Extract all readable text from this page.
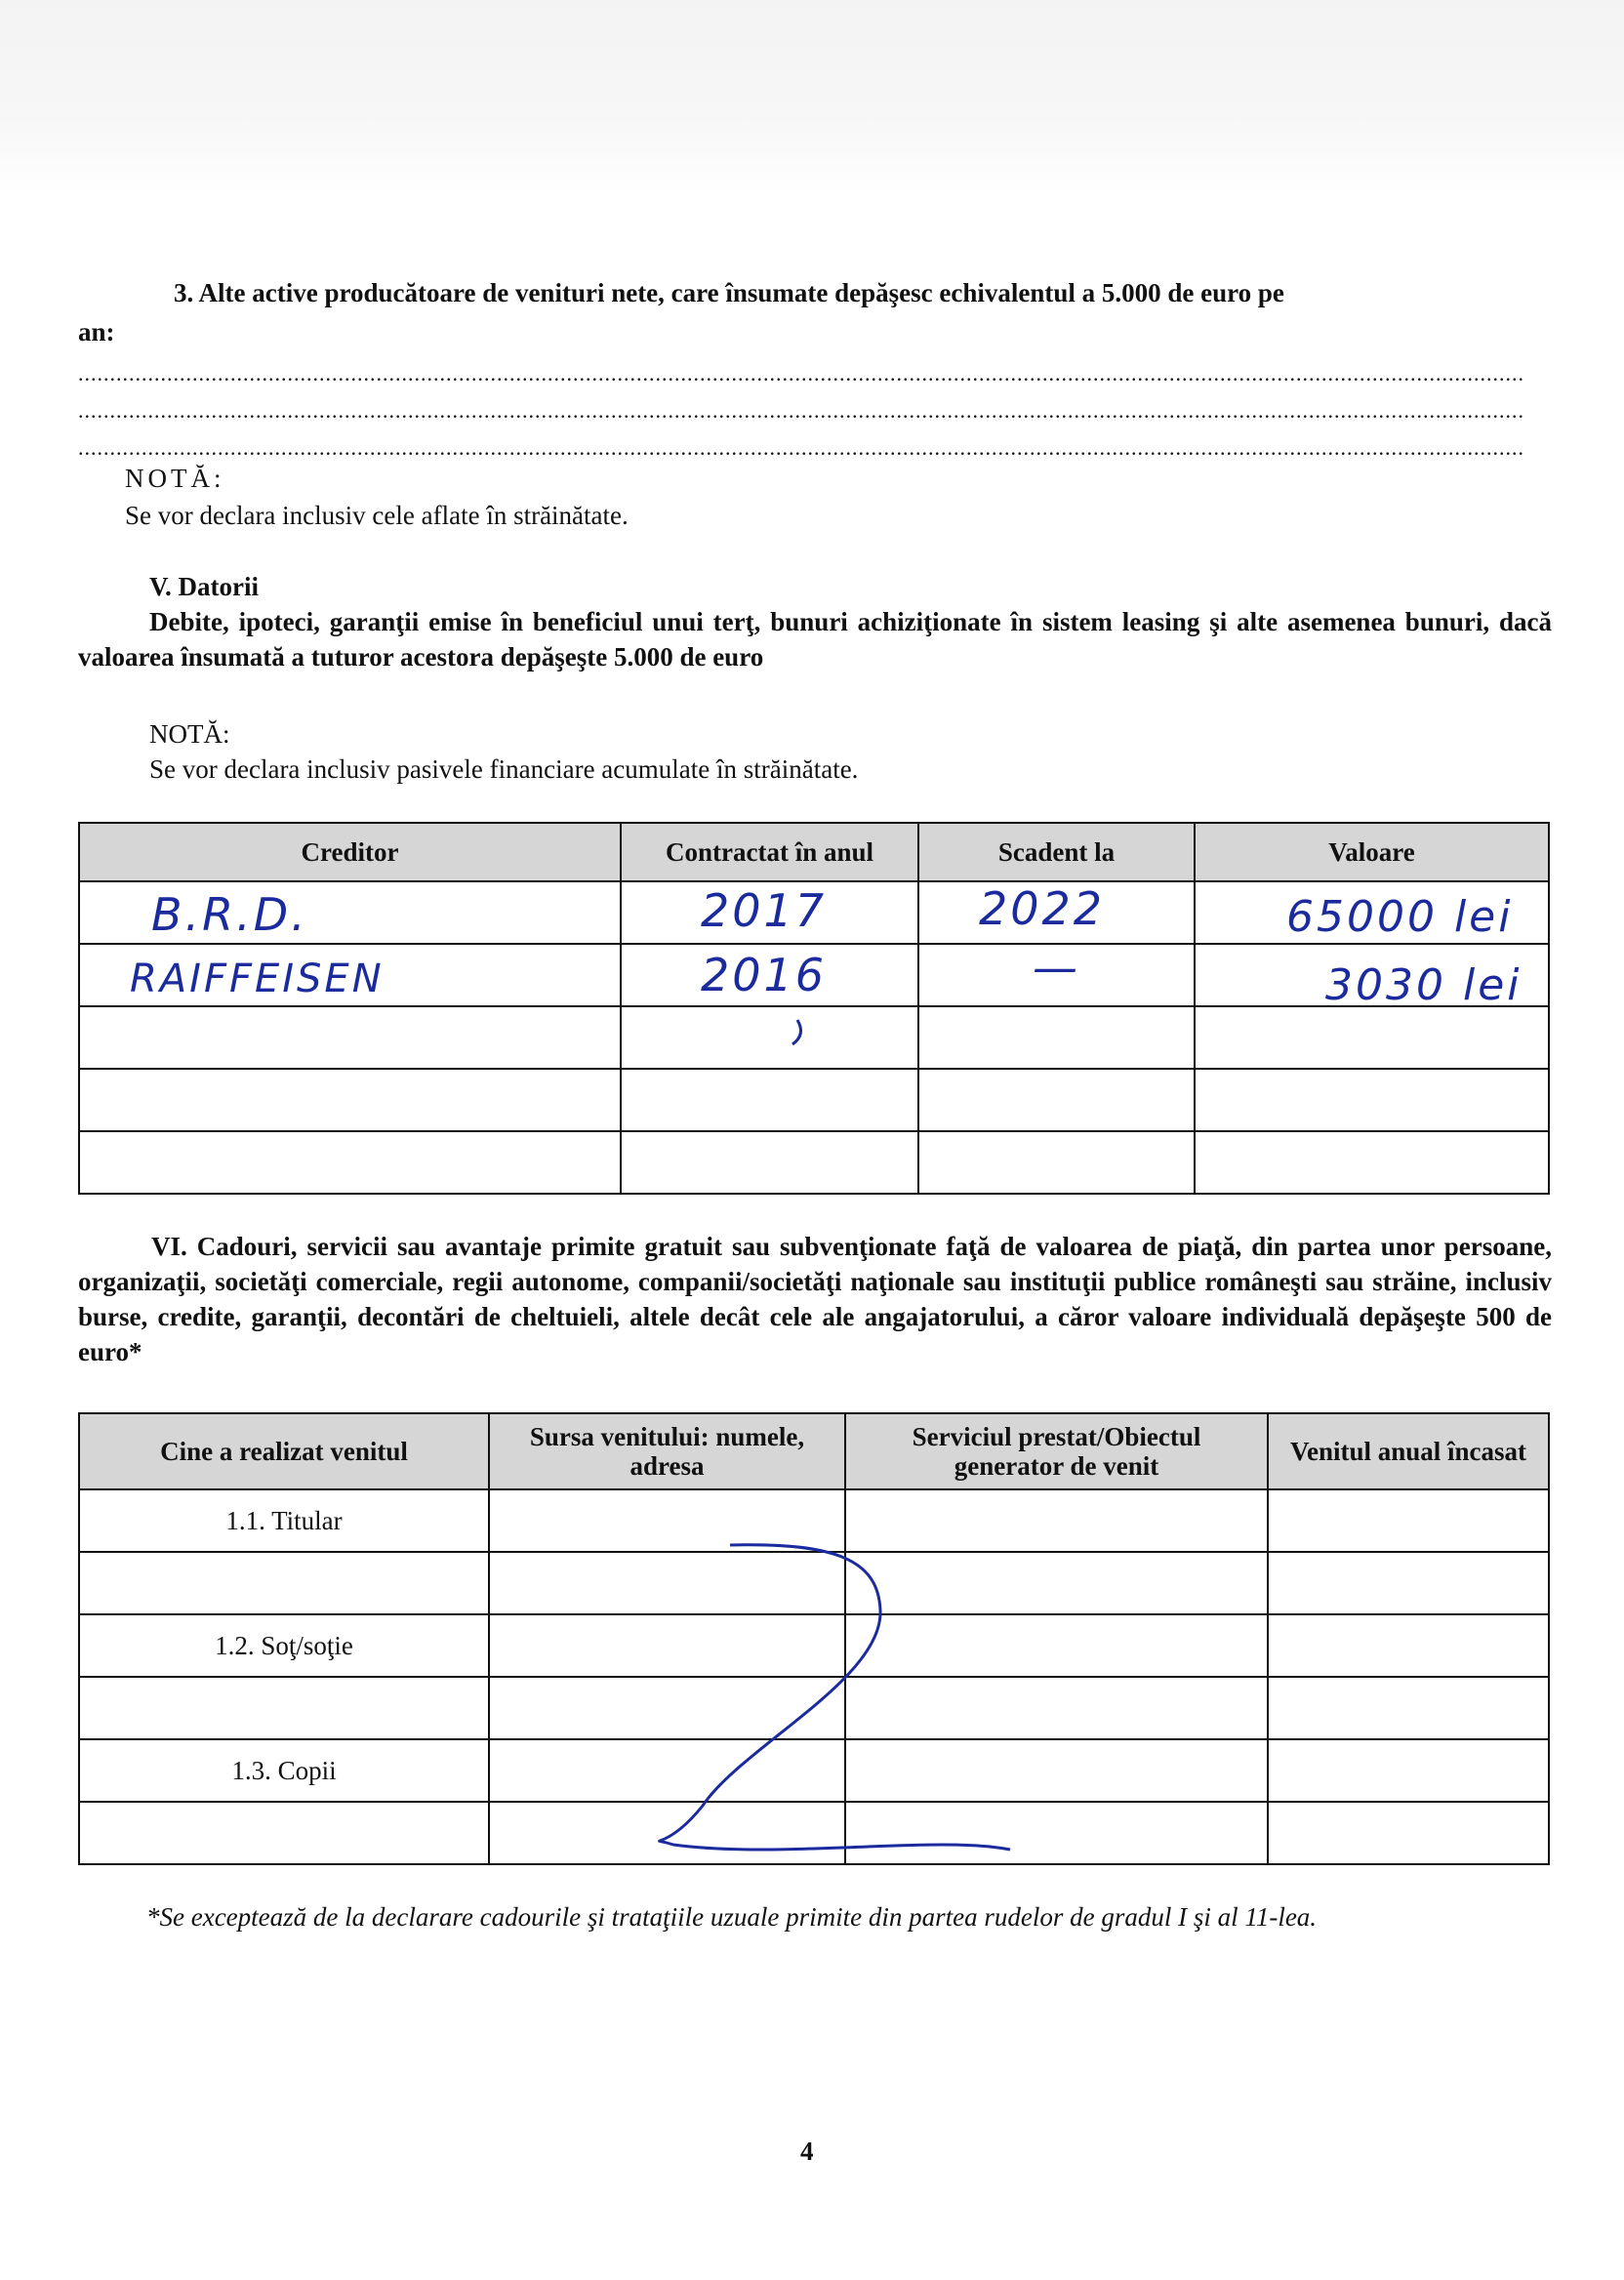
3. Alte active producătoare de venituri nete, care însumate depăşesc echivalentul a 5.000 de euro pe
an:
....................................................................................................................................................................................................................................
....................................................................................................................................................................................................................................
....................................................................................................................................................................................................................................
NOTĂ:
Se vor declara inclusiv cele aflate în străinătate.
V. Datorii
Debite, ipoteci, garanţii emise în beneficiul unui terţ, bunuri achiziţionate în sistem leasing şi alte asemenea bunuri, dacă valoarea însumată a tuturor acestora depăşeşte 5.000 de euro
NOTĂ:
Se vor declara inclusiv pasivele financiare acumulate în străinătate.
Creditor	Contractat în anul	Scadent la	Valoare

B.R.D.	2017	2022	65000 lei
RAIFFEISEN	2016	—	3030 lei
VI. Cadouri, servicii sau avantaje primite gratuit sau subvenţionate faţă de valoarea de piaţă, din partea unor persoane, organizaţii, societăţi comerciale, regii autonome, companii/societăţi naţionale sau instituţii publice româneşti sau străine, inclusiv burse, credite, garanţii, decontări de cheltuieli, altele decât cele ale angajatorului, a căror valoare individuală depăşeşte 500 de euro*
Cine a realizat venitul	Sursa venitului: numele, adresa	Serviciul prestat/Obiectul generator de venit	Venitul anual încasat
1.1. Titular			

1.2. Soţ/soţie			

1.3. Copii			

*Se exceptează de la declarare cadourile şi trataţiile uzuale primite din partea rudelor de gradul I şi al 11-lea.
4
